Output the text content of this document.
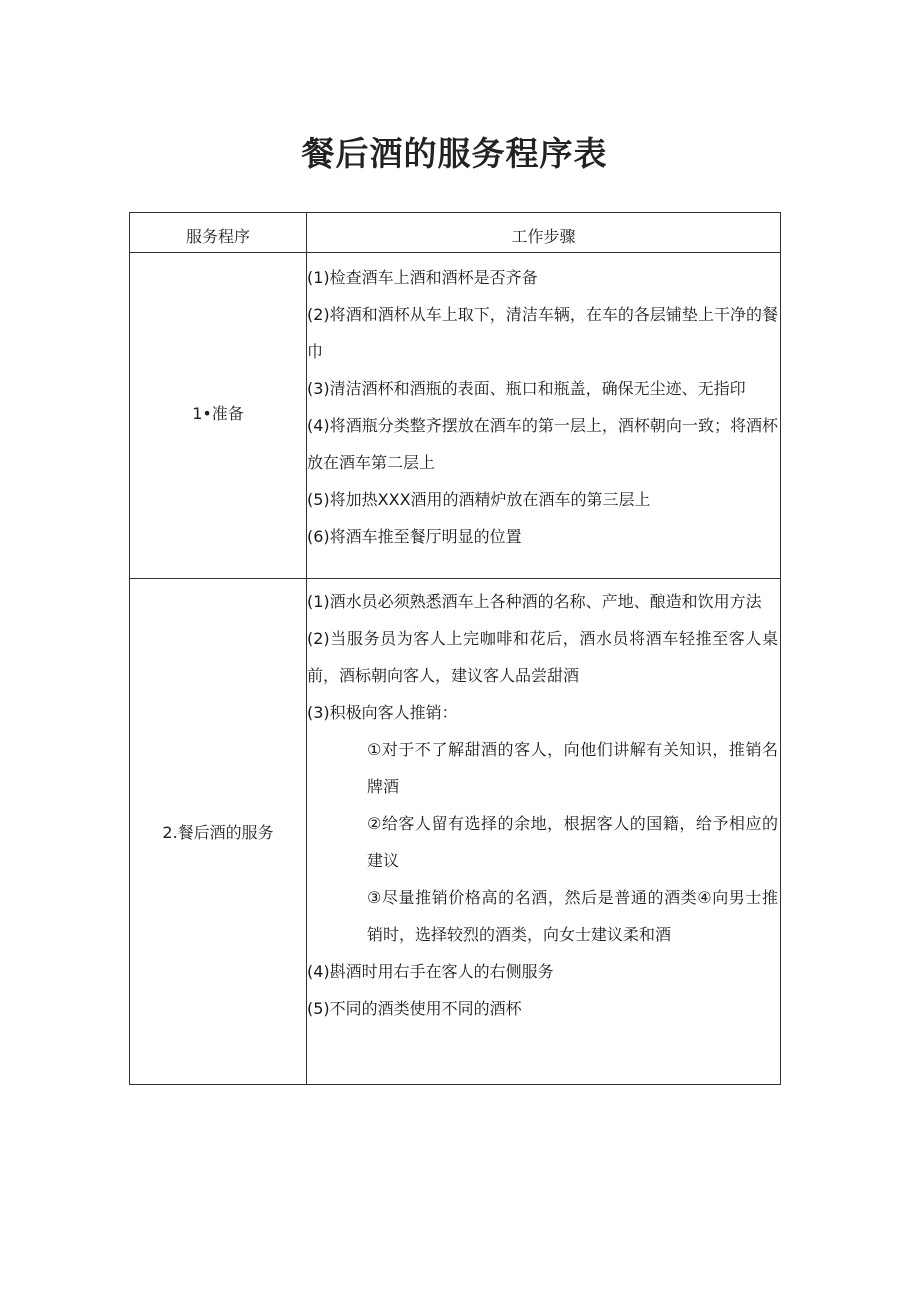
餐后酒的服务程序表
服务程序	工作步骤
1•准备

(1)检查酒车上酒和酒杯是否齐备

(2)将酒和酒杯从车上取下，清洁车辆，在车的各层铺垫上干净的餐巾

(3)清洁酒杯和酒瓶的表面、瓶口和瓶盖，确保无尘迹、无指印

(4)将酒瓶分类整齐摆放在酒车的第一层上，酒杯朝向一致；将酒杯放在酒车第二层上

(5)将加热XXX酒用的酒精炉放在酒车的第三层上

(6)将酒车推至餐厅明显的位置

2.餐后酒的服务

(1)酒水员必须熟悉酒车上各种酒的名称、产地、酿造和饮用方法

(2)当服务员为客人上完咖啡和花后，酒水员将酒车轻推至客人桌前，酒标朝向客人，建议客人品尝甜酒

(3)积极向客人推销：

①对于不了解甜酒的客人，向他们讲解有关知识，推销名牌酒

②给客人留有选择的余地，根据客人的国籍，给予相应的建议

③尽量推销价格高的名酒，然后是普通的酒类④向男士推销时，选择较烈的酒类，向女士建议柔和酒

(4)斟酒时用右手在客人的右侧服务

(5)不同的酒类使用不同的酒杯
